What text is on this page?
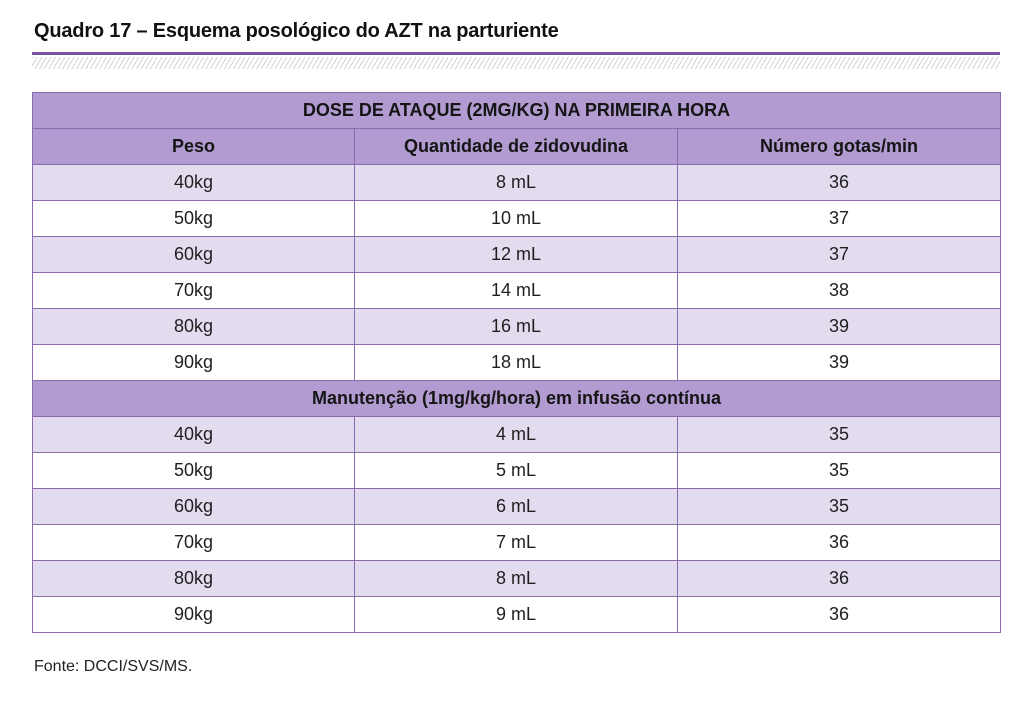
Quadro 17 – Esquema posológico do AZT na parturiente
DOSE DE ATAQUE (2MG/KG) NA PRIMEIRA HORA		
Peso	Quantidade de zidovudina	Número gotas/min
40kg	8 mL	36
50kg	10 mL	37
60kg	12 mL	37
70kg	14 mL	38
80kg	16 mL	39
90kg	18 mL	39
Manutenção (1mg/kg/hora) em infusão contínua		
40kg	4 mL	35
50kg	5 mL	35
60kg	6 mL	35
70kg	7 mL	36
80kg	8 mL	36
90kg	9 mL	36
Fonte: DCCI/SVS/MS.
